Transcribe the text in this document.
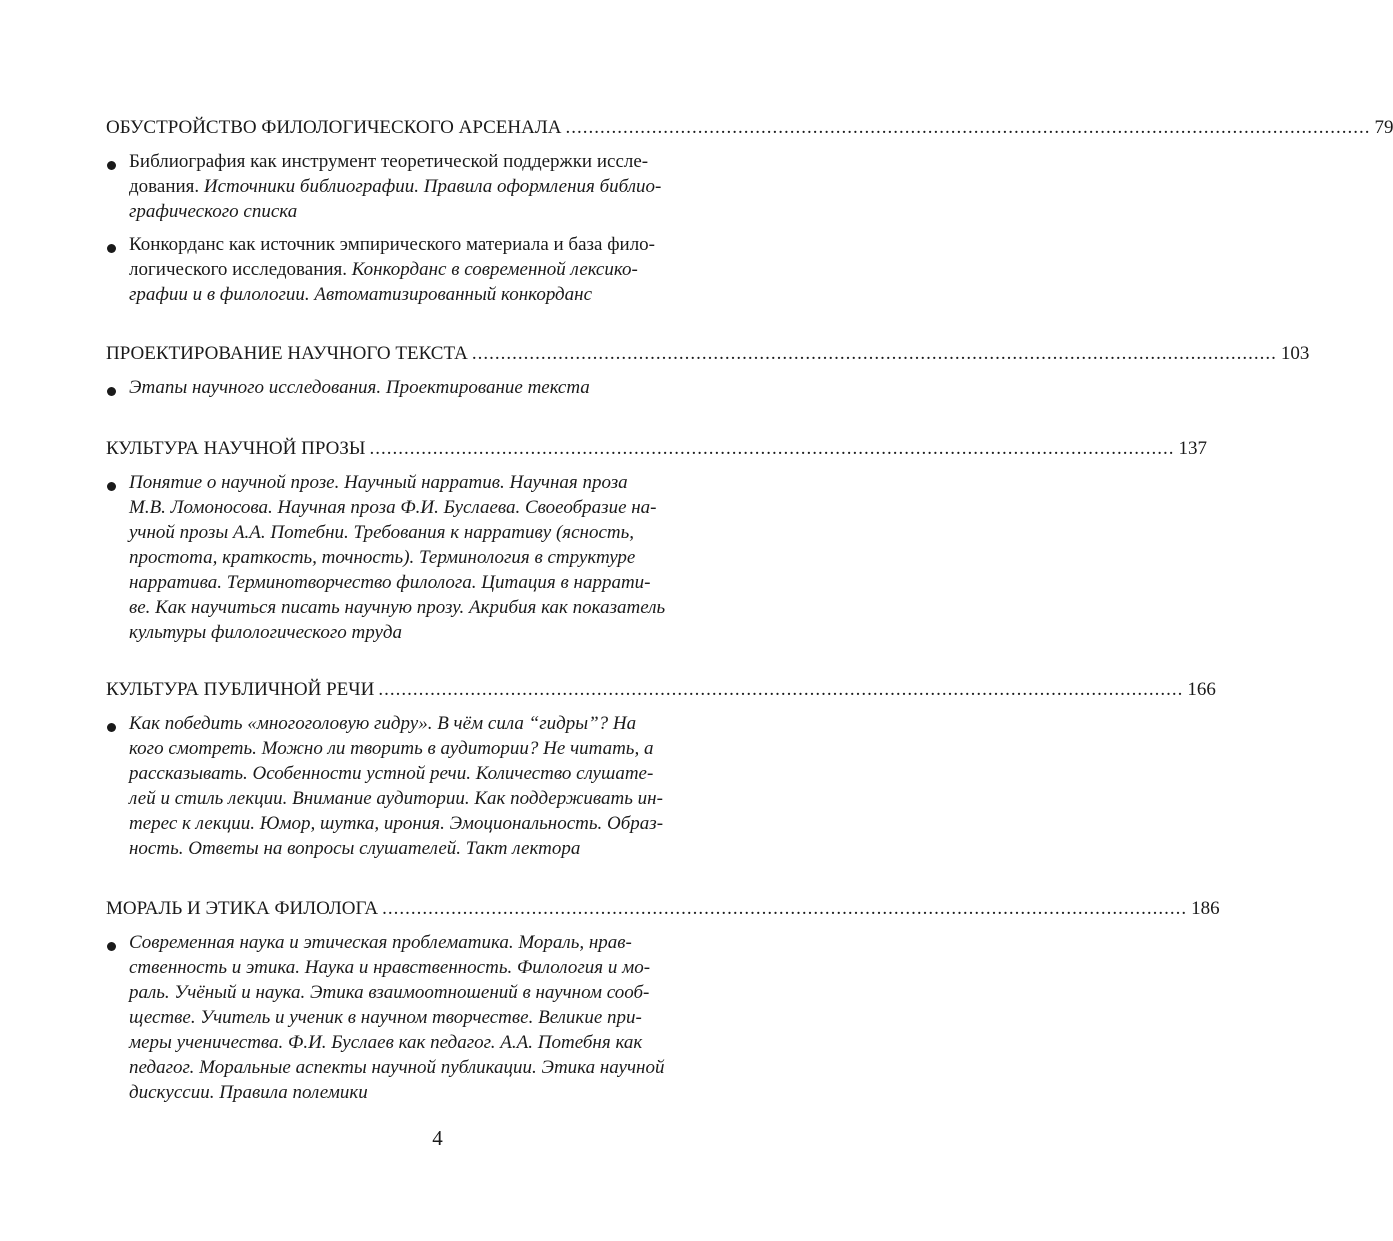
ОБУСТРОЙСТВО ФИЛОЛОГИЧЕСКОГО АРСЕНАЛА ............................................................................................................................................ 79
Библиография как инструмент теоретической поддержки иссле-
дования. Источники библиографии. Правила оформления библио-
графического списка
Конкорданс как источник эмпирического материала и база фило-
логического исследования. Конкорданс в современной лексико-
графии и в филологии. Автоматизированный конкорданс
ПРОЕКТИРОВАНИЕ НАУЧНОГО ТЕКСТА ............................................................................................................................................ 103
Этапы научного исследования. Проектирование текста
КУЛЬТУРА НАУЧНОЙ ПРОЗЫ ............................................................................................................................................ 137
Понятие о научной прозе. Научный нарратив. Научная проза
М.В. Ломоносова. Научная проза Ф.И. Буслаева. Своеобразие на-
учной прозы А.А. Потебни. Требования к нарративу (ясность,
простота, краткость, точность). Терминология в структуре
нарратива. Терминотворчество филолога. Цитация в наррати-
ве. Как научиться писать научную прозу. Акрибия как показатель
культуры филологического труда
КУЛЬТУРА ПУБЛИЧНОЙ РЕЧИ ............................................................................................................................................ 166
Как победить «многоголовую гидру». В чём сила “гидры”? На
кого смотреть. Можно ли творить в аудитории? Не читать, а
рассказывать. Особенности устной речи. Количество слушате-
лей и стиль лекции. Внимание аудитории. Как поддерживать ин-
терес к лекции. Юмор, шутка, ирония. Эмоциональность. Образ-
ность. Ответы на вопросы слушателей. Такт лектора
МОРАЛЬ И ЭТИКА ФИЛОЛОГА ............................................................................................................................................ 186
Современная наука и этическая проблематика. Мораль, нрав-
ственность и этика. Наука и нравственность. Филология и мо-
раль. Учёный и наука. Этика взаимоотношений в научном сооб-
ществе. Учитель и ученик в научном творчестве. Великие при-
меры ученичества. Ф.И. Буслаев как педагог. А.А. Потебня как
педагог. Моральные аспекты научной публикации. Этика научной
дискуссии. Правила полемики
4
